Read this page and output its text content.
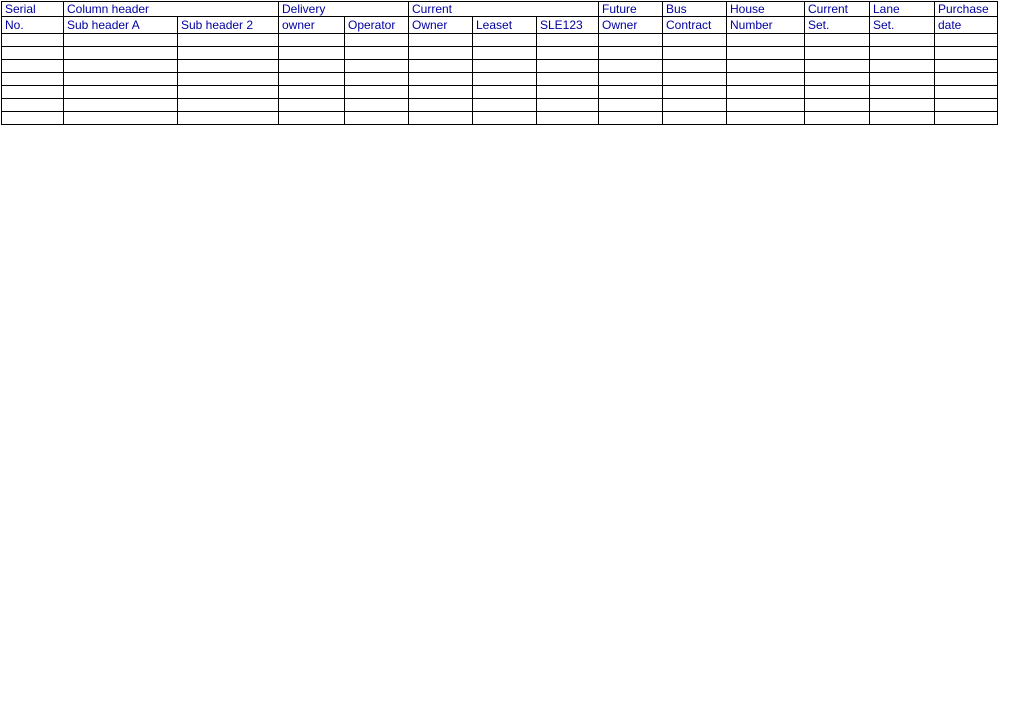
Serial	Column header		Delivery		Current			Future	Bus	House	Current	Lane	Purchase
No.	Sub header A	Sub header 2	owner	Operator	Owner	Leaset	SLE123	Owner	Contract	Number	Set.	Set.	date
